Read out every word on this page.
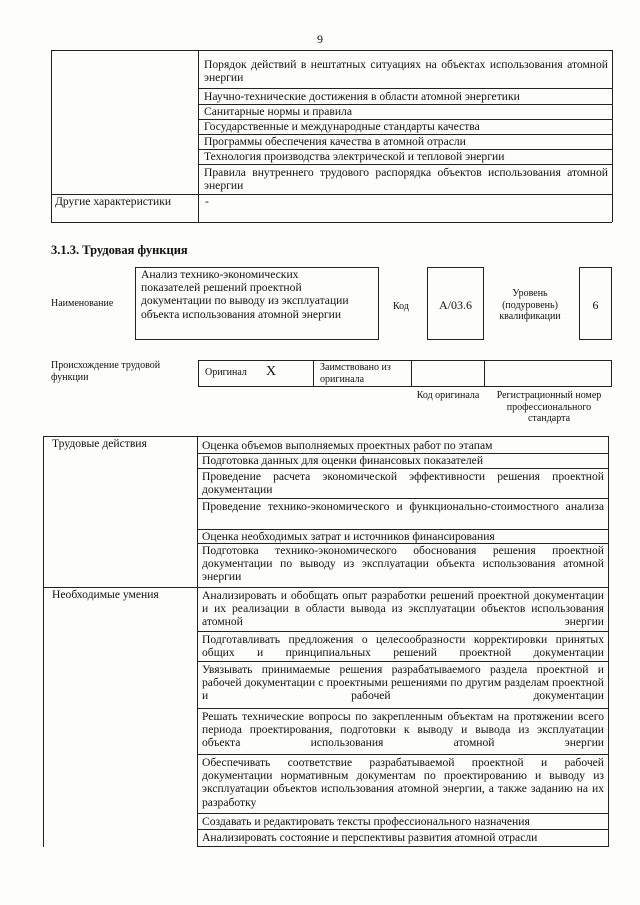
9
Порядок действий в нештатных ситуациях на объектах использования атомной энергии
Научно-технические достижения в области атомной энергетики
Санитарные нормы и правила
Государственные и международные стандарты качества
Программы обеспечения качества в атомной отрасли
Технология производства электрической и тепловой энергии
Правила внутреннего трудового распорядка объектов использования атомной энергии
Другие характеристики	-
3.1.3. Трудовая функция
Наименование
Анализ технико-экономических показателей решений проектной документации по выводу из эксплуатации объекта использования атомной энергии
Код	А/03.6
Уровень (подуровень) квалификации
6
Происхождение трудовой функции	Оригинал X	Заимствовано из оригинала
Код оригинала	Регистрационный номер профессионального стандарта
Трудовые действия	Оценка объемов выполняемых проектных работ по этапам
Подготовка данных для оценки финансовых показателей
Проведение расчета экономической эффективности решения проектной документации
Проведение технико-экономического и функционально-стоимостного анализа
Оценка необходимых затрат и источников финансирования
Подготовка технико-экономического обоснования решения проектной документации по выводу из эксплуатации объекта использования атомной энергии
Необходимые умения	Анализировать и обобщать опыт разработки решений проектной документации и их реализации в области вывода из эксплуатации объектов использования атомной энергии
Подготавливать предложения о целесообразности корректировки принятых общих и принципиальных решений проектной документации
Увязывать принимаемые решения разрабатываемого раздела проектной и рабочей документации с проектными решениями по другим разделам проектной и рабочей документации
Решать технические вопросы по закрепленным объектам на протяжении всего периода проектирования, подготовки к выводу и вывода из эксплуатации объекта использования атомной энергии
Обеспечивать соответствие разрабатываемой проектной и рабочей документации нормативным документам по проектированию и выводу из эксплуатации объектов использования атомной энергии, а также заданию на их разработку
Создавать и редактировать тексты профессионального назначения
Анализировать состояние и перспективы развития атомной отрасли
